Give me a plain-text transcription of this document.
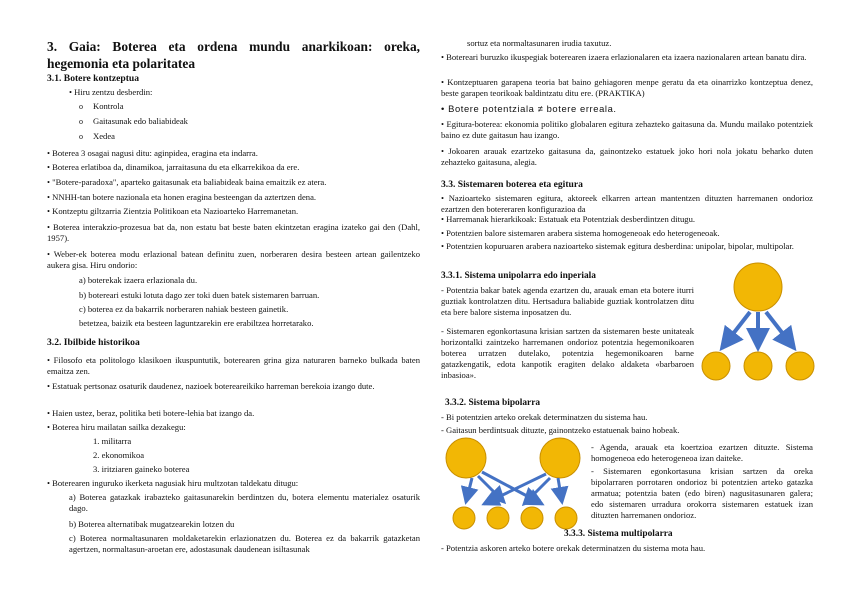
3. Gaia: Boterea eta ordena mundu anarkikoan: oreka, hegemonia eta polaritatea
3.1. Botere kontzeptua
• Hiru zentzu desberdin:
o Kontrola
o Gaitasunak edo baliabideak
o Xedea
• Boterea 3 osagai nagusi ditu: aginpidea, eragina eta indarra.
• Boterea erlatiboa da, dinamikoa, jarraitasuna du eta elkarrekikoa da ere.
• "Botere-paradoxa", aparteko gaitasunak eta baliabideak baina emaitzik ez atera.
• NNHH-tan botere nazionala eta honen eragina besteengan da aztertzen dena.
• Kontzeptu giltzarria Zientzia Politikoan eta Nazioarteko Harremanetan.
• Boterea interakzio-prozesua bat da, non estatu bat beste baten ekintzetan eragina izateko gai den (Dahl, 1957).
• Weber-ek boterea modu erlazional batean definitu zuen, norberaren desira besteen artean gailentzeko aukera gisa. Hiru ondorio:
a) boterekak izaera erlazionala du.
b) botereari estuki lotuta dago zer toki duen batek sistemaren barruan.
c) boterea ez da bakarrik norberaren nahiak besteen gainetik.
betetzea, baizik eta besteen laguntzarekin ere erabiltzea horretarako.
3.2. Ibilbide historikoa
• Filosofo eta politologo klasikoen ikuspuntutik, boterearen grina giza naturaren barneko bulkada baten emaitza zen.
• Estatuak pertsonaz osaturik daudenez, nazioek botereareikiko harreman berekoia izango dute.
• Haien ustez, beraz, politika beti botere-lehia bat izango da.
• Boterea hiru mailatan sailka dezakegu:
1. militarra
2. ekonomikoa
3. iritziaren gaineko boterea
• Boterearen inguruko ikerketa nagusiak hiru multzotan taldekatu ditugu:
a) Boterea gatazkak irabazteko gaitasunarekin berdintzen du, botera elementu materialez osaturik dago.
b) Boterea alternatibak mugatzearekin lotzen du
c) Boterea normaltasunaren moldaketarekin erlazionatzen du. Boterea ez da bakarrik gatazketan agertzen, normaltasun-aroetan ere, adostasunak daudenean isiltasunak
sortuz eta normaltasunaren irudia taxutuz.
• Botereari buruzko ikuspegiak boterearen izaera erlazionalaren eta izaera nazionalaren artean banatu dira.
• Kontzeptuaren garapena teoria bat baino gehiagoren menpe geratu da eta oinarrizko kontzeptua denez, beste garapen teorikoak baldintzatu ditu ere. (PRAKTIKA)
• Botere potentziala ≠ botere erreala.
• Egitura-boterea: ekonomia politiko globalaren egitura zehazteko gaitasuna da. Mundu mailako potentziek baino ez dute gaitasun hau izango.
• Jokoaren arauak ezartzeko gaitasuna da, gainontzeko estatuek joko hori nola jokatu beharko duten zehazteko gaitasuna, alegia.
3.3. Sistemaren boterea eta egitura
• Nazioarteko sistemaren egitura, aktoreek elkarren artean mantentzen dituzten harremanen ondorioz ezartzen den botereraren konfigurazioa da
• Harremanak hierarkikoak: Estatuak eta Potentziak desberdintzen ditugu.
• Potentzien balore sistemaren arabera sistema homogeneoak edo heterogeneoak.
• Potentzien kopuruaren arabera nazioarteko sistemak egitura desberdina: unipolar, bipolar, multipolar.
3.3.1. Sistema unipolarra edo inperiala
- Potentzia bakar batek agenda ezartzen du, arauak eman eta botere iturri guztiak kontrolatzen ditu. Hertsadura baliabide guztiak kontrolatzen ditu eta bere balore sistema inposatzen du.
- Sistemaren egonkortasuna krisian sartzen da sistemaren beste unitateak horizontalki zaintzeko harremanen ondorioz potentzia hegemonikoaren boterea urratzen dutelako, potentzia hegemonikoaren barne gatazkengatik, edota kanpotik eragiten delako aldaketa «barbaroen inbasioa».
3.3.2. Sistema bipolarra
- Bi potentzien arteko orekak determinatzen du sistema hau.
- Gaitasun berdintsuak dituzte, gainontzeko estatuenak baino hobeak.
- Agenda, arauak eta koertzioa ezartzen dituzte. Sistema homogeneoa edo heterogeneoa izan daiteke.
- Sistemaren egonkortasuna krisian sartzen da oreka bipolarraren porrotaren ondorioz bi potentzien arteko gatazka armatua; potentzia baten (edo biren) nagusitasunaren galera; edo sistemaren urradura orokorra sistemaren estatuek izan dituzten harremanen ondorioz.
3.3.3. Sistema multipolarra
- Potentzia askoren arteko botere orekak determinatzen du sistema mota hau.
